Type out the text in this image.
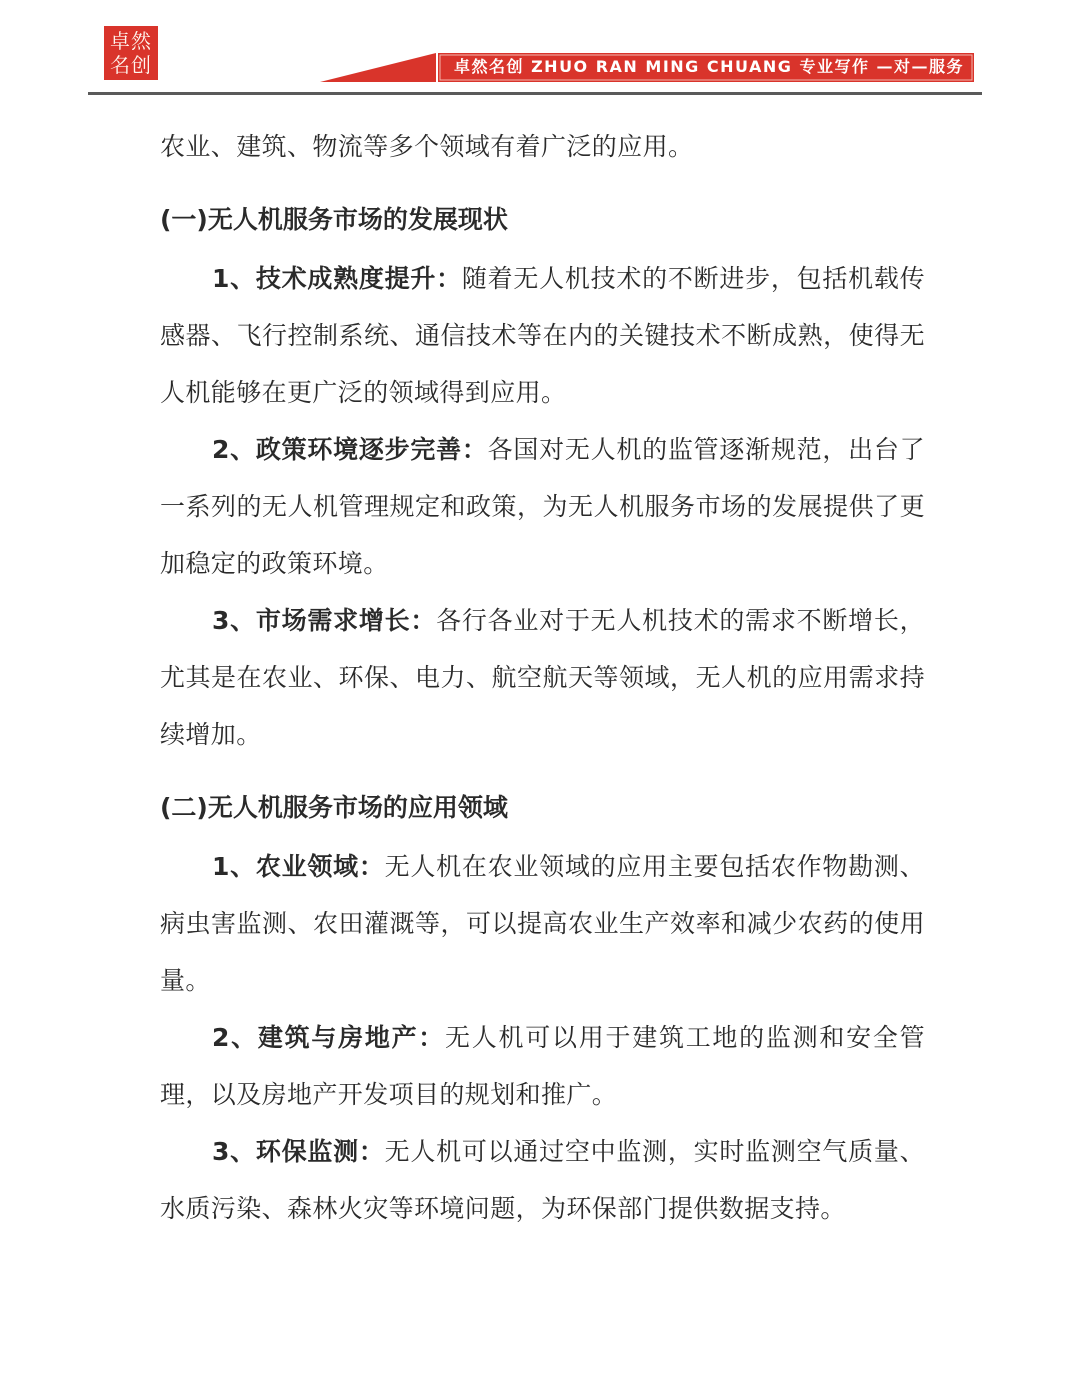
卓然
名创	卓然名创 ZHUO RAN MING CHUANG 专业写作 —对—服务

农业、建筑、物流等多个领域有着广泛的应用。

(一)无人机服务市场的发展现状

1、技术成熟度提升：随着无人机技术的不断进步，包括机载传感器、飞行控制系统、通信技术等在内的关键技术不断成熟，使得无人机能够在更广泛的领域得到应用。

2、政策环境逐步完善：各国对无人机的监管逐渐规范，出台了一系列的无人机管理规定和政策，为无人机服务市场的发展提供了更加稳定的政策环境。

3、市场需求增长：各行各业对于无人机技术的需求不断增长，尤其是在农业、环保、电力、航空航天等领域，无人机的应用需求持续增加。

(二)无人机服务市场的应用领域

1、农业领域：无人机在农业领域的应用主要包括农作物勘测、病虫害监测、农田灌溉等，可以提高农业生产效率和减少农药的使用量。

2、建筑与房地产：无人机可以用于建筑工地的监测和安全管理，以及房地产开发项目的规划和推广。

3、环保监测：无人机可以通过空中监测，实时监测空气质量、水质污染、森林火灾等环境问题，为环保部门提供数据支持。
